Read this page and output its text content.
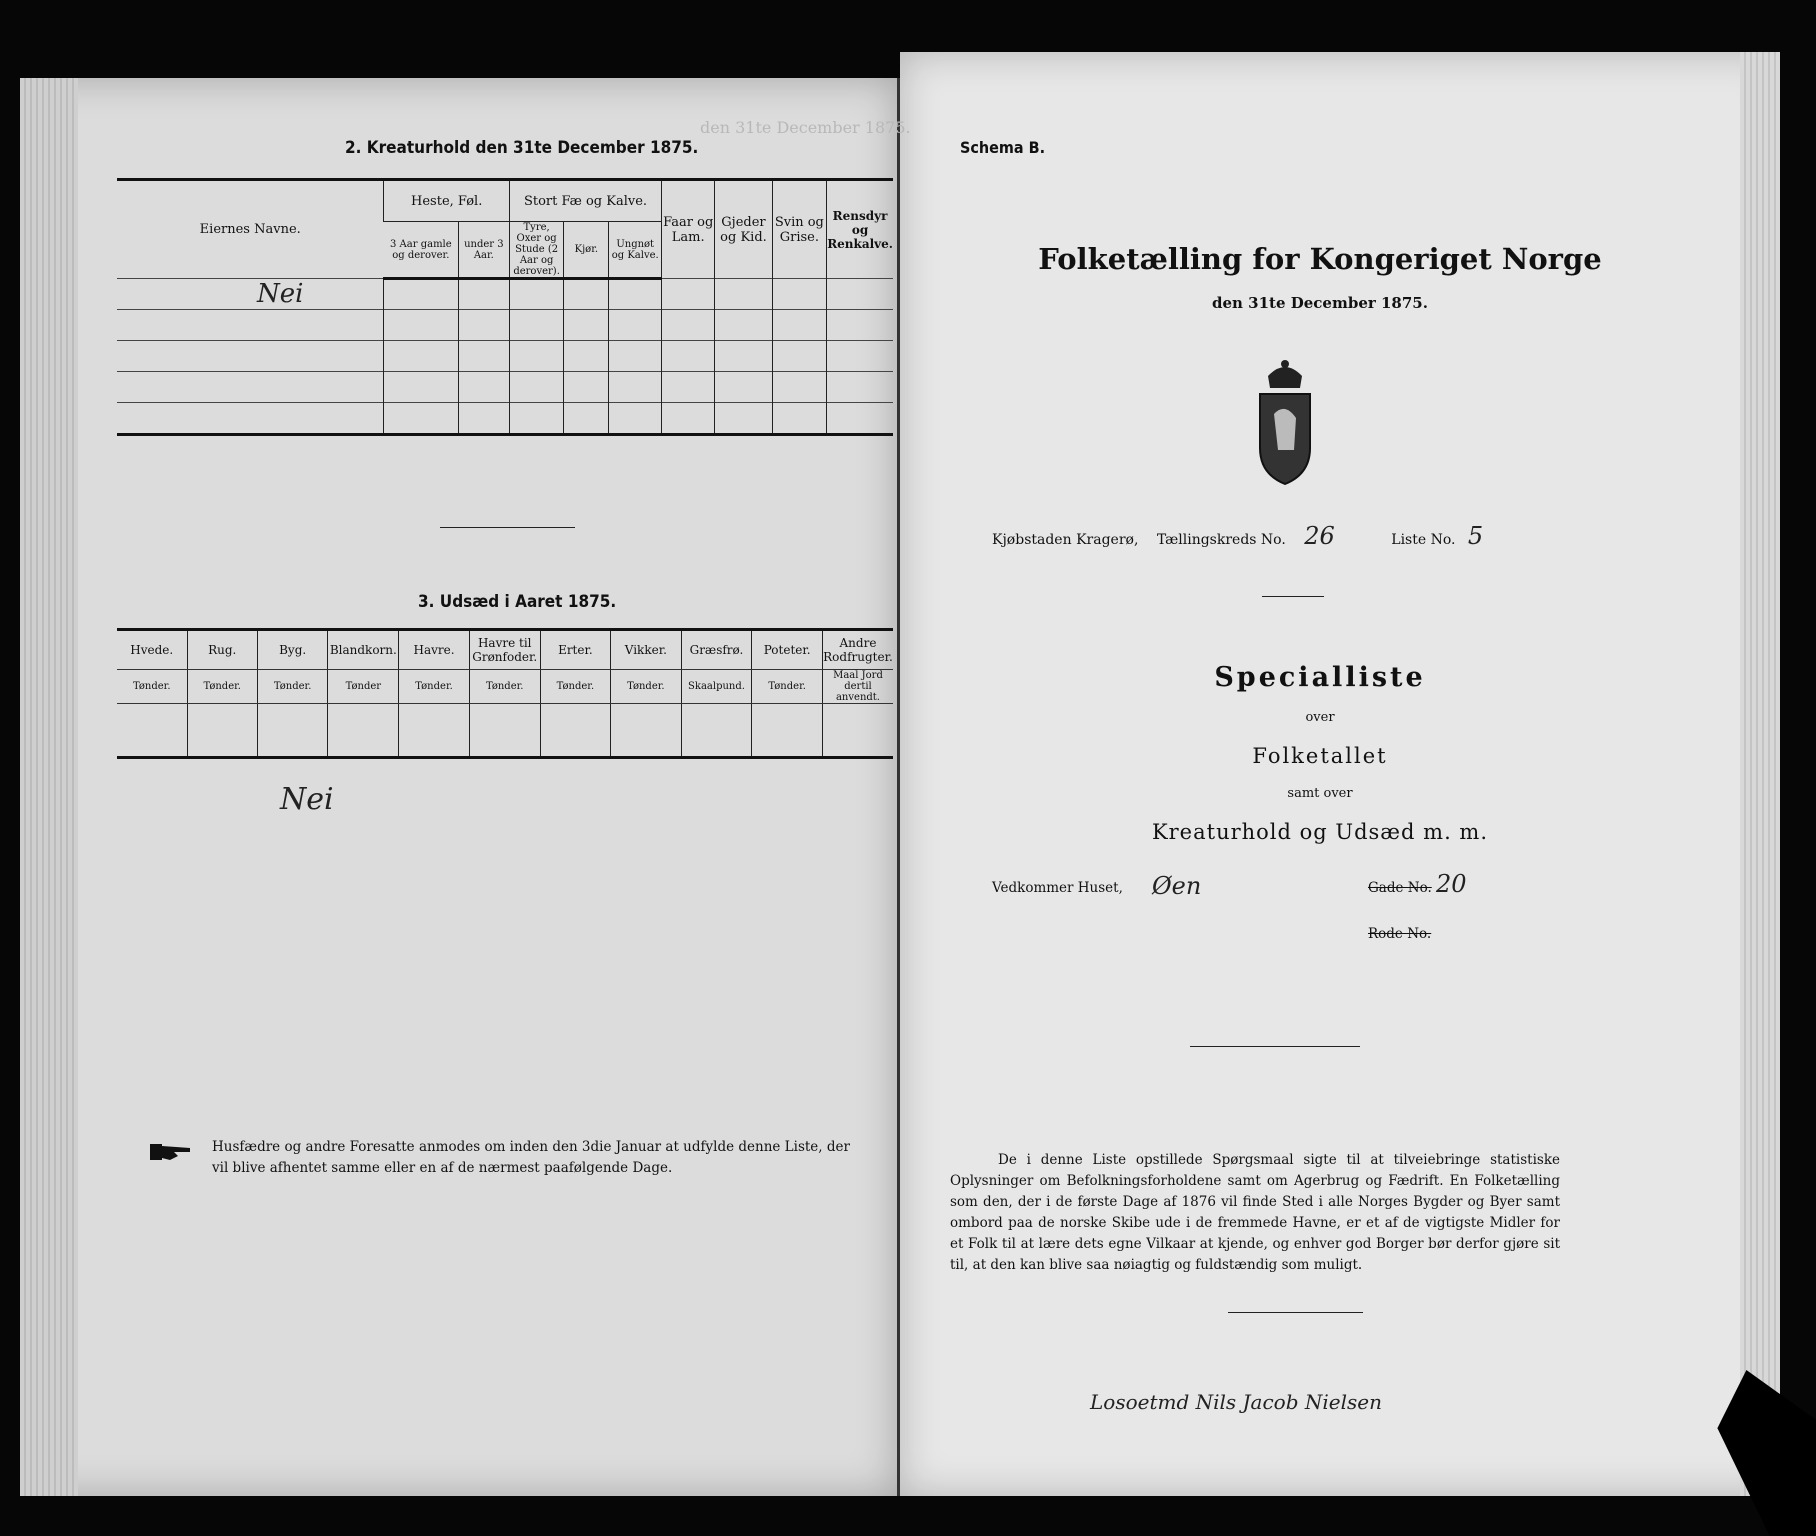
den 31te December 1875.
2. Kreaturhold den 31te December 1875.
Eiernes Navne.	Heste, Føl.		Stort Fæ og Kalve.			Faar og Lam.	Gjeder og Kid.	Svin og Grise.	Rensdyr og Renkalve.
	3 Aar gamle og derover.	under 3 Aar.	Tyre, Oxer og Stude (2 Aar og derover).	Kjør.	Ungnøt og Kalve.				
Nei									

3. Udsæd i Aaret 1875.
Hvede.	Rug.	Byg.	Blandkorn.	Havre.	Havre til Grønfoder.	Erter.	Vikker.	Græsfrø.	Poteter.	Andre Rodfrugter.
Tønder.	Tønder.	Tønder.	Tønder	Tønder.	Tønder.	Tønder.	Tønder.	Skaalpund.	Tønder.	Maal Jord dertil anvendt.

Nei
Husfædre og andre Foresatte anmodes om inden den 3die Januar at udfylde denne Liste, der vil blive afhentet samme eller en af de nærmest paafølgende Dage.
Schema B.
Folketælling for Kongeriget Norge
den 31te December 1875.
Kjøbstaden Kragerø, Tællingskreds No. 26	Liste No. 5
Specialliste
over
Folketallet
samt over
Kreaturhold og Udsæd m. m.
Vedkommer Huset, Øen	Gade No. 20
Rode No.
De i denne Liste opstillede Spørgsmaal sigte til at tilveiebringe statistiske Oplysninger om Befolkningsforholdene samt om Agerbrug og Fædrift. En Folketælling som den, der i de første Dage af 1876 vil finde Sted i alle Norges Bygder og Byer samt ombord paa de norske Skibe ude i de fremmede Havne, er et af de vigtigste Midler for et Folk til at lære dets egne Vilkaar at kjende, og enhver god Borger bør derfor gjøre sit til, at den kan blive saa nøiagtig og fuldstændig som muligt.
Losoetmd Nils Jacob Nielsen
